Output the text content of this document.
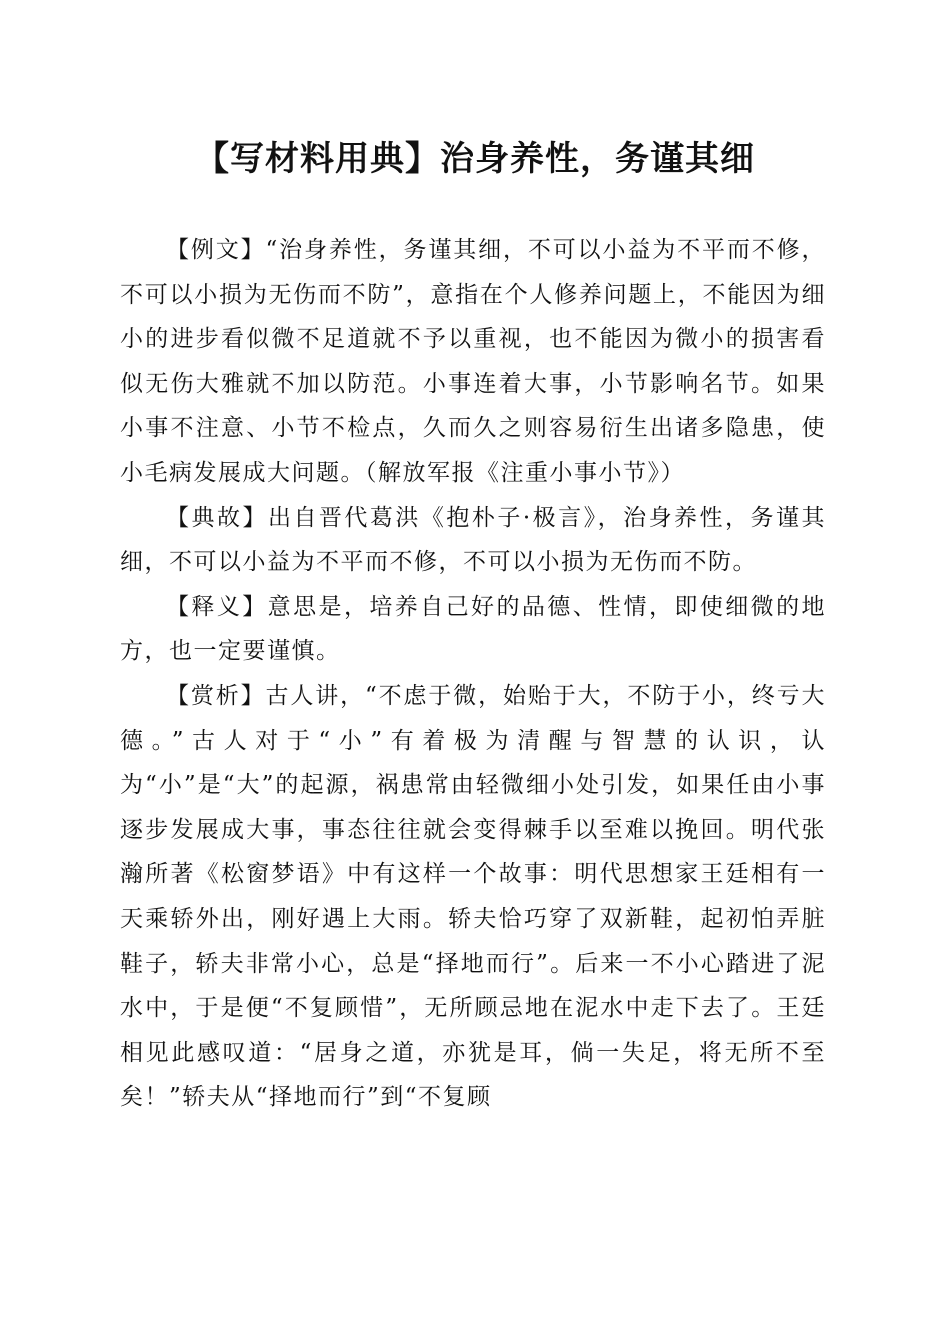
【写材料用典】治身养性，务谨其细

【例文】“治身养性，务谨其细，不可以小益为不平而不修，不可以小损为无伤而不防”，意指在个人修养问题上，不能因为细小的进步看似微不足道就不予以重视，也不能因为微小的损害看似无伤大雅就不加以防范。小事连着大事，小节影响名节。如果小事不注意、小节不检点，久而久之则容易衍生出诸多隐患，使小毛病发展成大问题。（解放军报《注重小事小节》）

【典故】出自晋代葛洪《抱朴子·极言》，治身养性，务谨其细，不可以小益为不平而不修，不可以小损为无伤而不防。

【释义】意思是，培养自己好的品德、性情，即使细微的地方，也一定要谨慎。

【赏析】古人讲，“不虑于微，始贻于大，不防于小，终亏大德。”古人对于“小”有着极为清醒与智慧的认识，认为“小”是“大”的起源，祸患常由轻微细小处引发，如果任由小事逐步发展成大事，事态往往就会变得棘手以至难以挽回。明代张瀚所著《松窗梦语》中有这样一个故事：明代思想家王廷相有一天乘轿外出，刚好遇上大雨。轿夫恰巧穿了双新鞋，起初怕弄脏鞋子，轿夫非常小心，总是“择地而行”。后来一不小心踏进了泥水中，于是便“不复顾惜”，无所顾忌地在泥水中走下去了。王廷相见此感叹道：“居身之道，亦犹是耳，倘一失足，将无所不至矣！”轿夫从“择地而行”到“不复顾
